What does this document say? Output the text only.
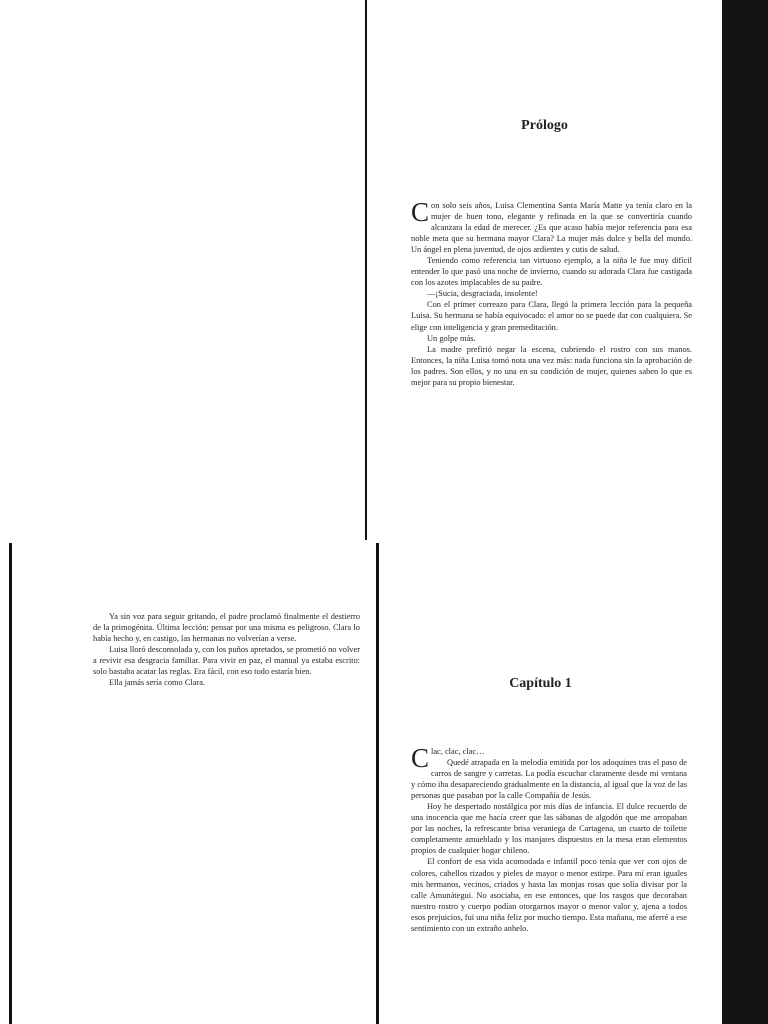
Prólogo

Con solo seis años, Luisa Clementina Santa María Matte ya tenía claro en la mujer de buen tono, elegante y refinada en la que se convertiría cuando alcanzara la edad de merecer. ¿Es que acaso había mejor referencia para esa noble meta que su hermana mayor Clara? La mujer más dulce y bella del mundo. Un ángel en plena juventud, de ojos ardientes y cutis de salud.

Teniendo como referencia tan virtuoso ejemplo, a la niña le fue muy difícil entender lo que pasó una noche de invierno, cuando su adorada Clara fue castigada con los azotes implacables de su padre.

—¡Sucia, desgraciada, insolente!

Con el primer correazo para Clara, llegó la primera lección para la pequeña Luisa. Su hermana se había equivocado: el amor no se puede dar con cualquiera. Se elige con inteligencia y gran premeditación.

Un golpe más.

La madre prefirió negar la escena, cubriendo el rostro con sus manos. Entonces, la niña Luisa tomó nota una vez más: nada funciona sin la aprobación de los padres. Son ellos, y no una en su condición de mujer, quienes saben lo que es mejor para su propio bienestar.

Ya sin voz para seguir gritando, el padre proclamó finalmente el destierro de la primogénita. Última lección: pensar por una misma es peligroso. Clara lo había hecho y, en castigo, las hermanas no volverían a verse.

Luisa lloró desconsolada y, con los puños apretados, se prometió no volver a revivir esa desgracia familiar. Para vivir en paz, el manual ya estaba escrito: solo bastaba acatar las reglas. Era fácil, con eso todo estaría bien.

Ella jamás sería como Clara.	Capítulo 1

Clac, clac, clac…

Quedé atrapada en la melodía emitida por los adoquines tras el paso de carros de sangre y carretas. La podía escuchar claramente desde mi ventana y cómo iba desapareciendo gradualmente en la distancia, al igual que la voz de las personas que pasaban por la calle Compañía de Jesús.

Hoy he despertado nostálgica por mis días de infancia. El dulce recuerdo de una inocencia que me hacía creer que las sábanas de algodón que me arropaban por las noches, la refrescante brisa veraniega de Cartagena, un cuarto de toilette completamente amueblado y los manjares dispuestos en la mesa eran elementos propios de cualquier hogar chileno.

El confort de esa vida acomodada e infantil poco tenía que ver con ojos de colores, cabellos rizados y pieles de mayor o menor estirpe. Para mí eran iguales mis hermanos, vecinos, criados y hasta las monjas rosas que solía divisar por la calle Amunátegui. No asociaba, en ese entonces, que los rasgos que decoraban nuestro rostro y cuerpo podían otorgarnos mayor o menor valor y, ajena a todos esos prejuicios, fui una niña feliz por mucho tiempo. Esta mañana, me aferré a ese sentimiento con un extraño anhelo.
